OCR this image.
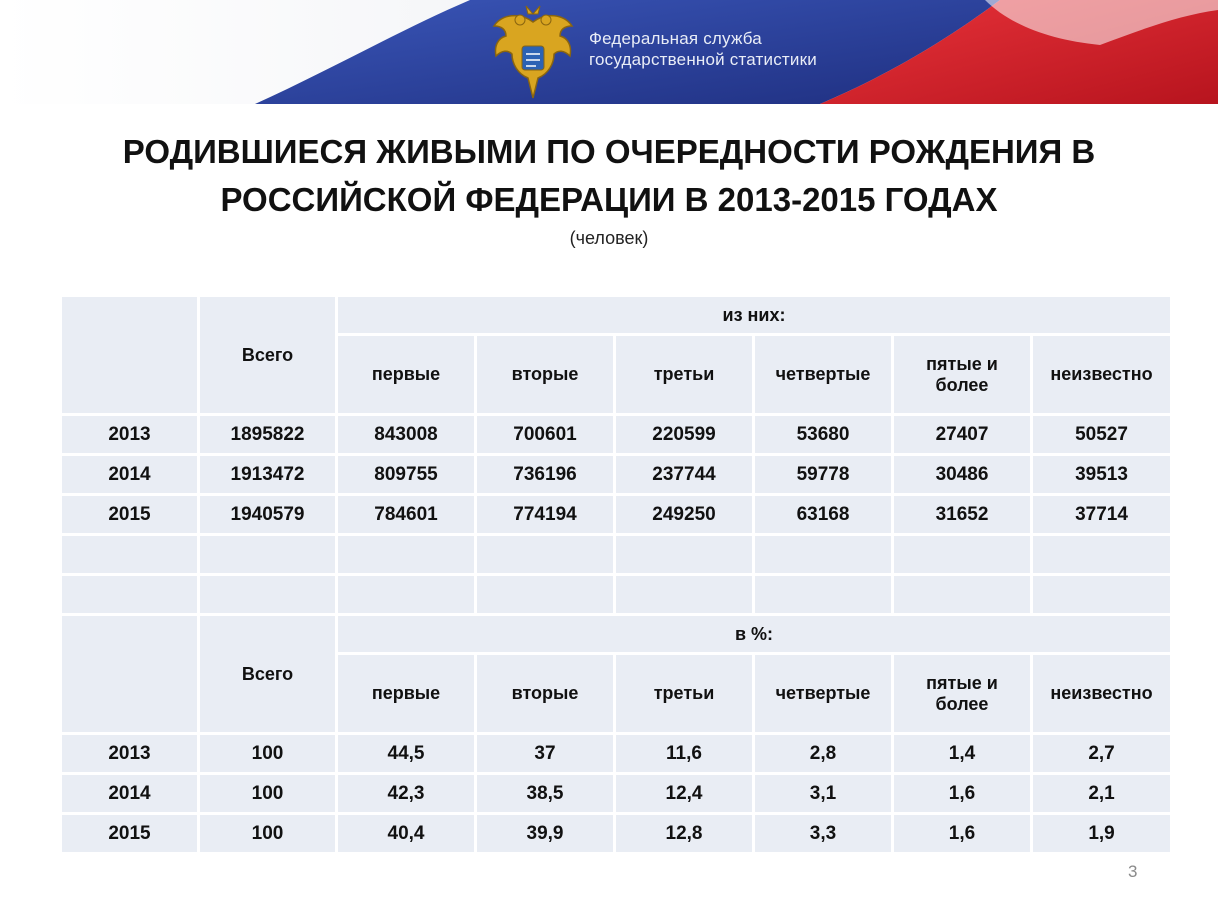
Федеральная служба
государственной статистики
РОДИВШИЕСЯ ЖИВЫМИ ПО ОЧЕРЕДНОСТИ РОЖДЕНИЯ В
РОССИЙСКОЙ ФЕДЕРАЦИИ В 2013-2015 ГОДАХ
(человек)
	Всего	из них:					
		первые	вторые	третьи	четвертые	пятые и
более	неизвестно
2013	1895822	843008	700601	220599	53680	27407	50527
2014	1913472	809755	736196	237744	59778	30486	39513
2015	1940579	784601	774194	249250	63168	31652	37714

	Всего	в %:					
		первые	вторые	третьи	четвертые	пятые и
более	неизвестно
2013	100	44,5	37	11,6	2,8	1,4	2,7
2014	100	42,3	38,5	12,4	3,1	1,6	2,1
2015	100	40,4	39,9	12,8	3,3	1,6	1,9
3
